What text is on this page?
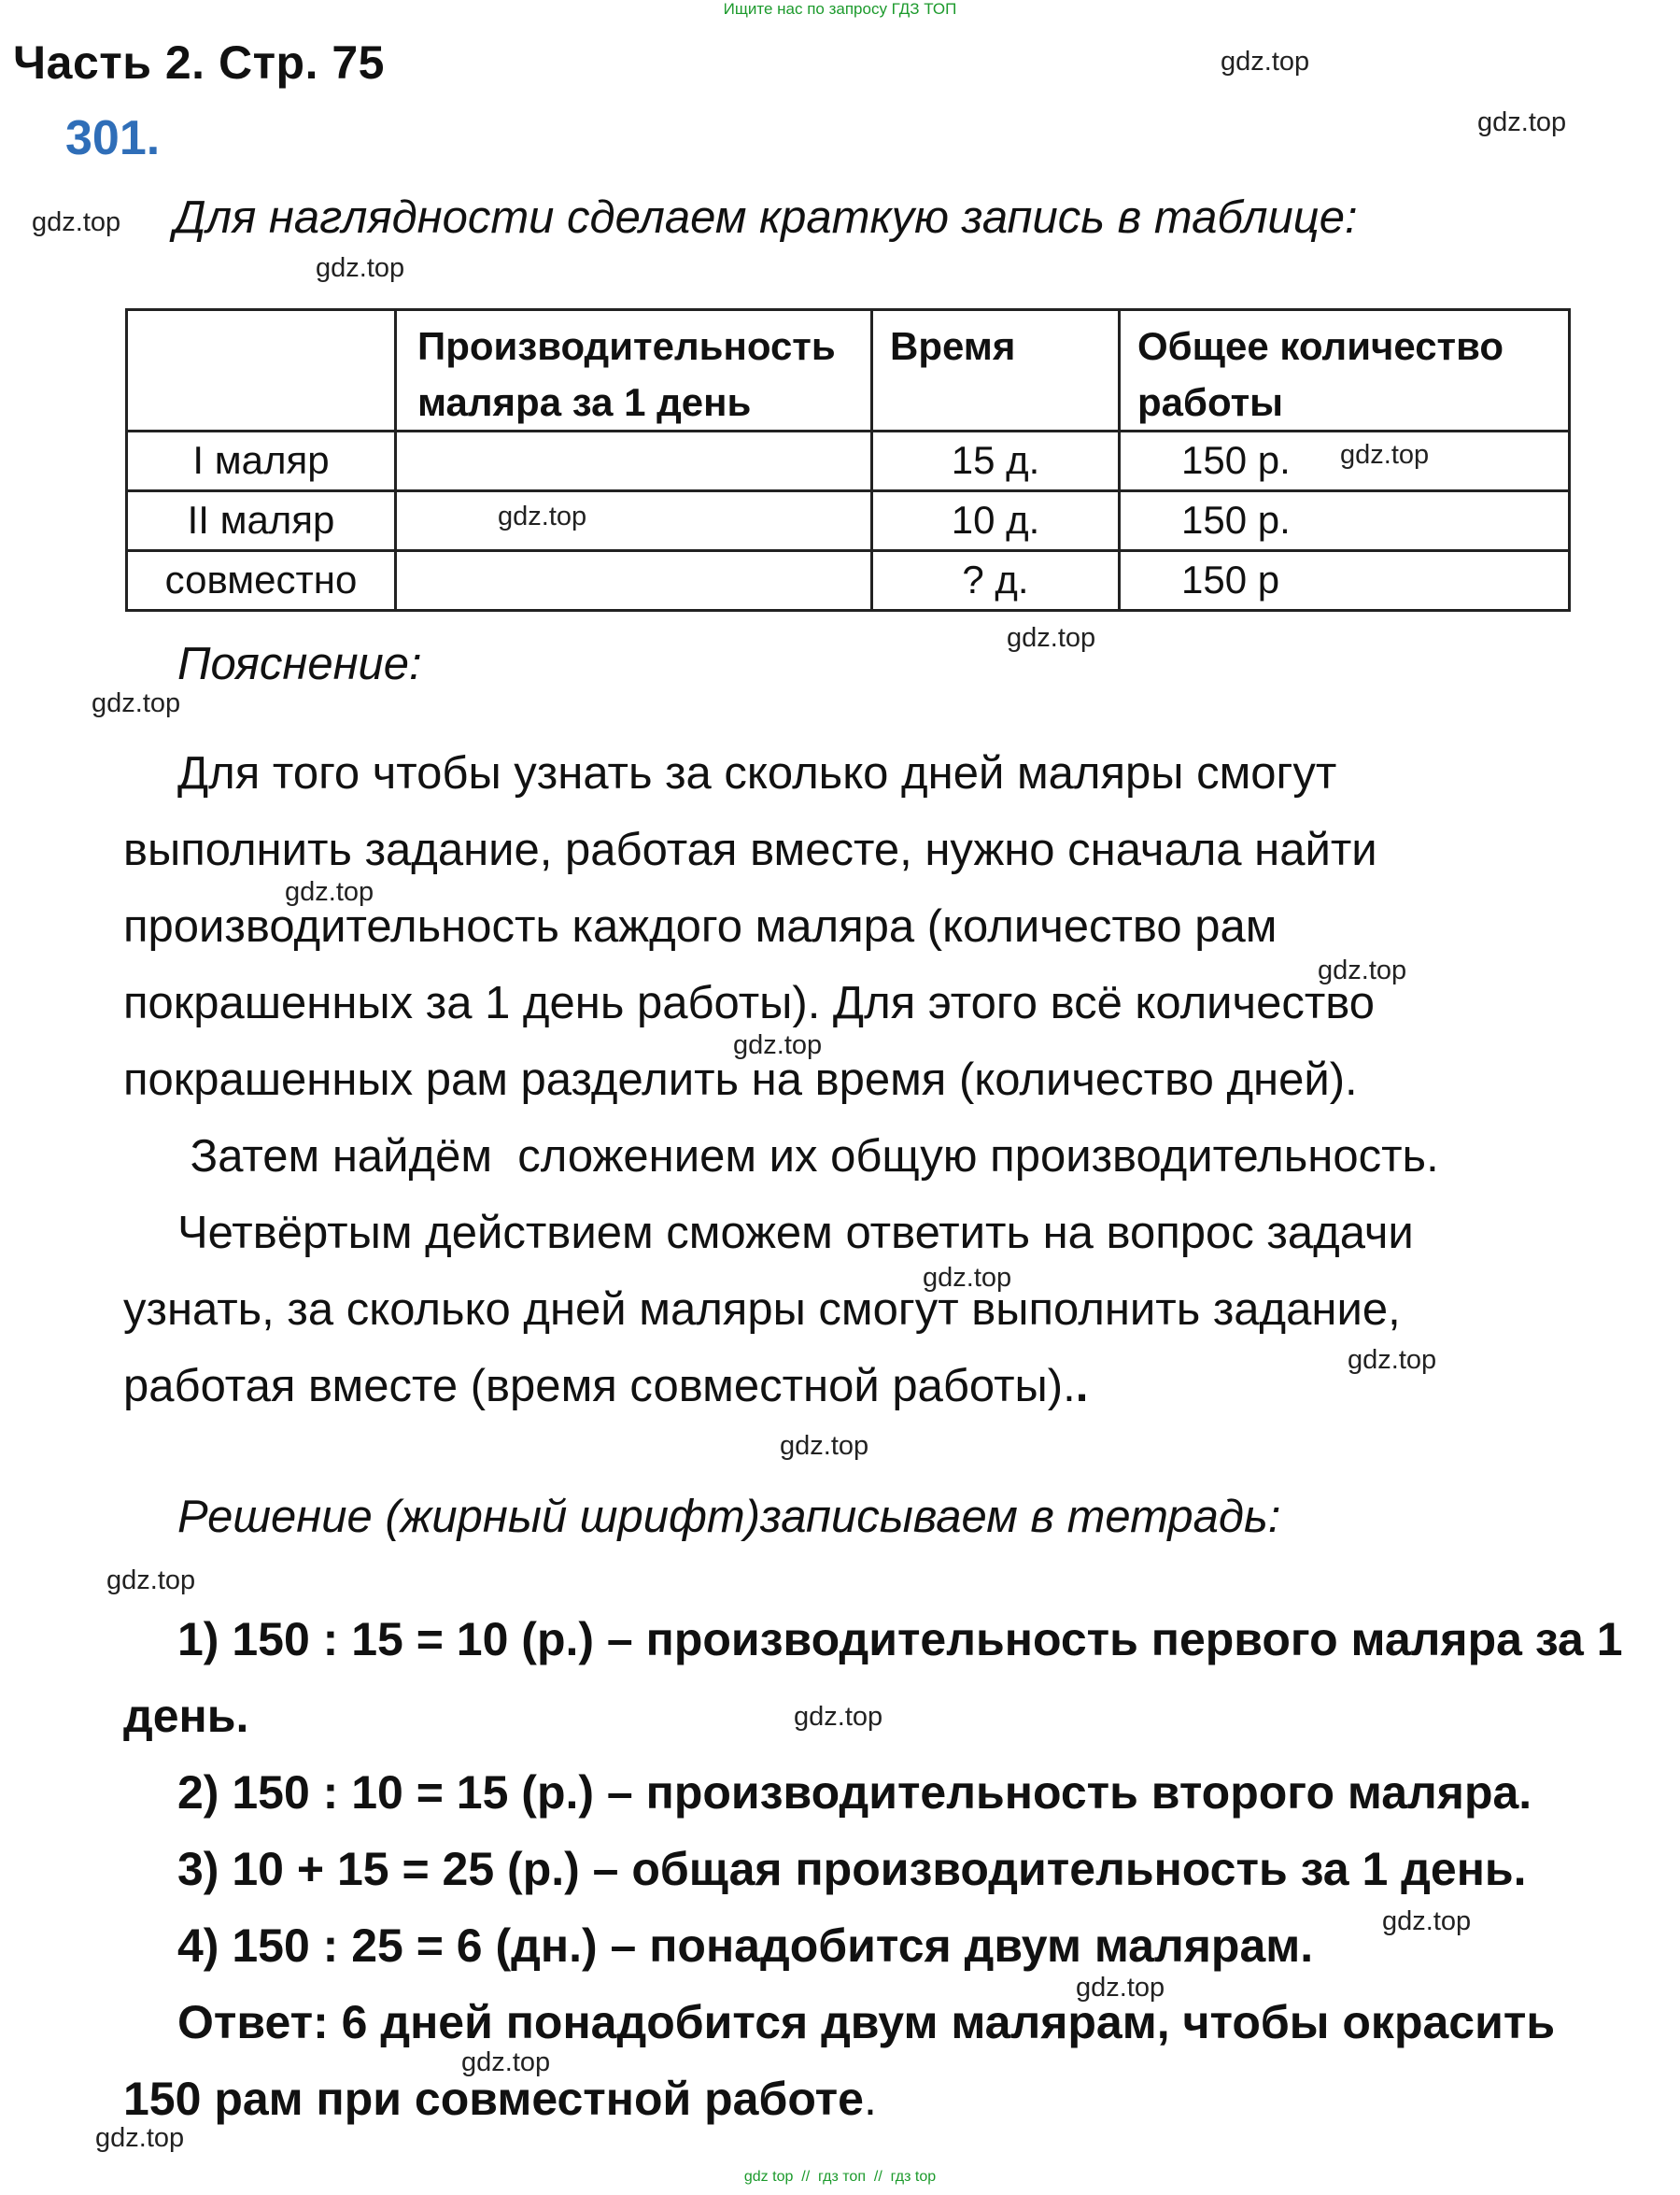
Ищите нас по запросу ГДЗ ТОП
Часть 2. Стр. 75
301.
Для наглядности сделаем краткую запись в таблице:
	Производительность маляра за 1 день	Время	Общее количество работы
I маляр		15 д.	150 р.
II маляр		10 д.	150 р.
совместно		? д.	150 р
Пояснение:
Для того чтобы узнать за сколько дней маляры смогут
выполнить задание, работая вместе, нужно сначала найти
производительность каждого маляра (количество рам
покрашенных за 1 день работы). Для этого всё количество
покрашенных рам разделить на время (количество дней).
Затем найдём  сложением их общую производительность.
Четвёртым действием сможем ответить на вопрос задачи
узнать, за сколько дней маляры смогут выполнить задание,
работая вместе (время совместной работы)..
Решение (жирный шрифт)записываем в тетрадь:
1) 150 : 15 = 10 (р.) – производительность первого маляра за 1
день.
2) 150 : 10 = 15 (р.) – производительность второго маляра.
3) 10 + 15 = 25 (р.) – общая производительность за 1 день.
4) 150 : 25 = 6 (дн.) – понадобится двум малярам.
Ответ: 6 дней понадобится двум малярам, чтобы окрасить
150 рам при совместной работе.
gdz.top
gdz.top
gdz.top
gdz.top
gdz.top
gdz.top
gdz.top
gdz.top
gdz.top
gdz.top
gdz.top
gdz.top
gdz.top
gdz.top
gdz.top
gdz.top
gdz.top
gdz.top
gdz.top
gdz.top
gdz top  //  гдз топ  //  гдз top
